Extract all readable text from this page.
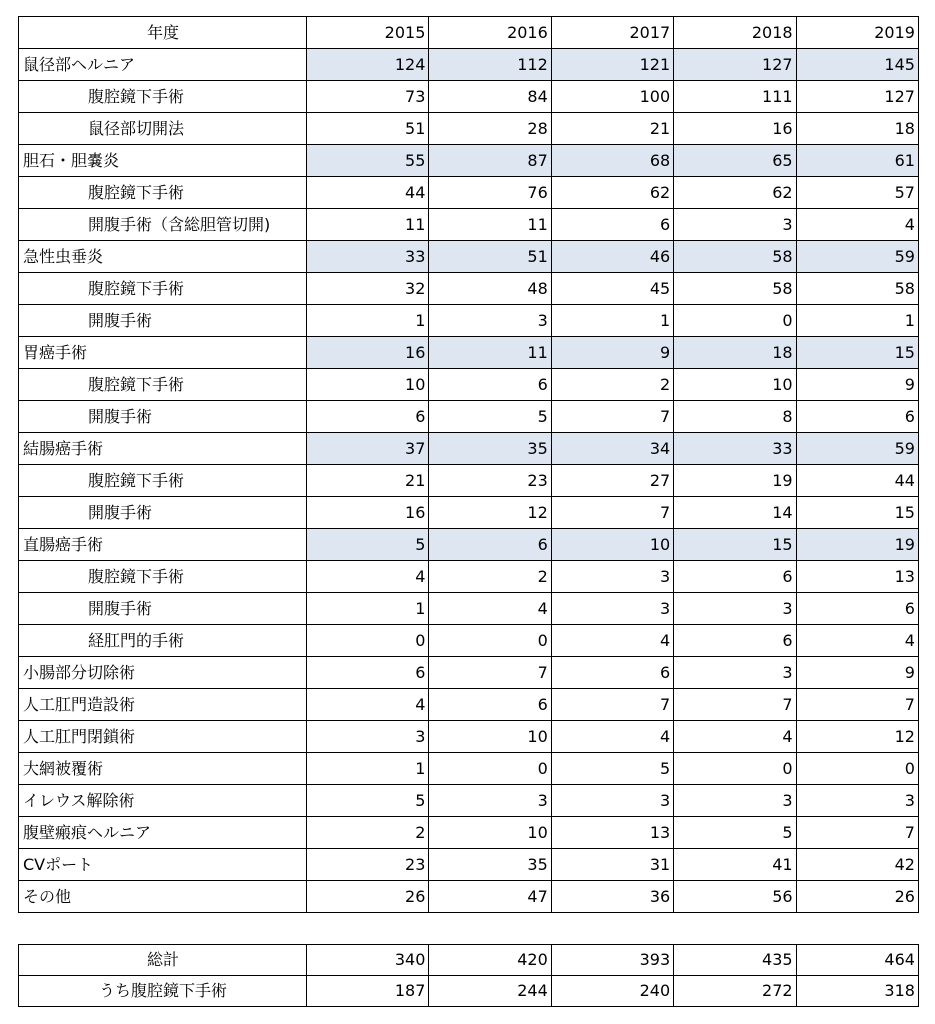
年度	2015	2016	2017	2018	2019
鼠径部ヘルニア	124	112	121	127	145
腹腔鏡下手術	73	84	100	111	127
鼠径部切開法	51	28	21	16	18
胆石・胆嚢炎	55	87	68	65	61
腹腔鏡下手術	44	76	62	62	57
開腹手術（含総胆管切開)	11	11	6	3	4
急性虫垂炎	33	51	46	58	59
腹腔鏡下手術	32	48	45	58	58
開腹手術	1	3	1	0	1
胃癌手術	16	11	9	18	15
腹腔鏡下手術	10	6	2	10	9
開腹手術	6	5	7	8	6
結腸癌手術	37	35	34	33	59
腹腔鏡下手術	21	23	27	19	44
開腹手術	16	12	7	14	15
直腸癌手術	5	6	10	15	19
腹腔鏡下手術	4	2	3	6	13
開腹手術	1	4	3	3	6
経肛門的手術	0	0	4	6	4
小腸部分切除術	6	7	6	3	9
人工肛門造設術	4	6	7	7	7
人工肛門閉鎖術	3	10	4	4	12
大網被覆術	1	0	5	0	0
イレウス解除術	5	3	3	3	3
腹壁瘢痕ヘルニア	2	10	13	5	7
CVポート	23	35	31	41	42
その他	26	47	36	56	26
総計	340	420	393	435	464
うち腹腔鏡下手術	187	244	240	272	318
